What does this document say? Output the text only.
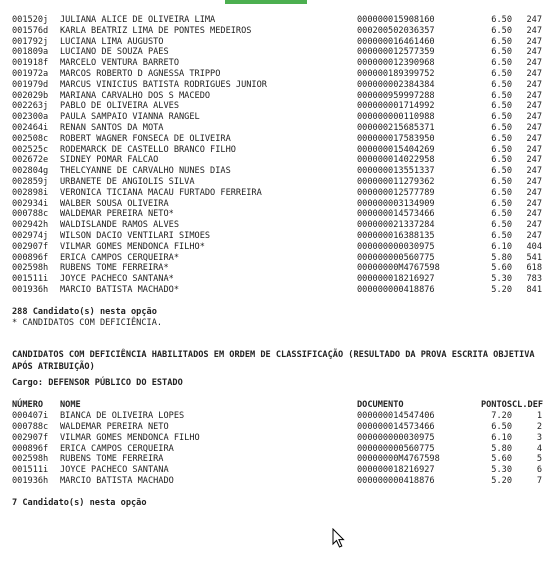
001520j JULIANA ALICE DE OLIVEIRA LIMA	000000015908160	6.50	247
001576d KARLA BEATRIZ LIMA DE PONTES MEDEIROS	000200502036357	6.50	247
001792j LUCIANA LIMA AUGUSTO	000000016461460	6.50	247
001809a LUCIANO DE SOUZA PAES	000000012577359	6.50	247
001918f MARCELO VENTURA BARRETO	000000012390968	6.50	247
001972a MARCOS ROBERTO D AGNESSA TRIPPO	000000189399752	6.50	247
001979d MARCUS VINICIUS BATISTA RODRIGUES JUNIOR	000000002384384	6.50	247
002029b MARIANA CARVALHO DOS S MACEDO	000000959997288	6.50	247
002263j PABLO DE OLIVEIRA ALVES	000000001714992	6.50	247
002300a PAULA SAMPAIO VIANNA RANGEL	000000000110988	6.50	247
002464i RENAN SANTOS DA MOTA	000000215685371	6.50	247
002508c ROBERT WAGNER FONSECA DE OLIVEIRA	000000017583950	6.50	247
002525c RODEMARCK DE CASTELLO BRANCO FILHO	000000015404269	6.50	247
002672e SIDNEY POMAR FALCAO	000000014022958	6.50	247
002804g THELCYANNE DE CARVALHO NUNES DIAS	000000013551337	6.50	247
002859j URBANETE DE ANGIOLIS SILVA	000000011279362	6.50	247
002898i VERONICA TICIANA MACAU FURTADO FERREIRA	000000012577789	6.50	247
002934i WALBER SOUSA OLIVEIRA	000000003134909	6.50	247
000788c WALDEMAR PEREIRA NETO*	000000014573466	6.50	247
002942h WALDISLANDE RAMOS ALVES	000000021337284	6.50	247
002974j WILSON DACIO VENTILARI SIMOES	000000016388135	6.50	247
002907f VILMAR GOMES MENDONCA FILHO*	000000000030975	6.10	404
000896f ERICA CAMPOS CERQUEIRA*	000000000560775	5.80	541
002598h RUBENS TOME FERREIRA*	00000000M4767598	5.60	618
001511i JOYCE PACHECO SANTANA*	000000018216927	5.30	783
001936h MARCIO BATISTA MACHADO*	000000000418876	5.20	841
288 Candidato(s) nesta opção
* CANDIDATOS COM DEFICIÊNCIA.
CANDIDATOS COM DEFICIÊNCIA HABILITADOS EM ORDEM DE CLASSIFICAÇÃO (RESULTADO DA PROVA ESCRITA OBJETIVA APÓS ATRIBUIÇÃO)
Cargo: DEFENSOR PÚBLICO DO ESTADO
NÚMERO NOME	DOCUMENTO	PONTOS CL.DEF
000407i BIANCA DE OLIVEIRA LOPES	000000014547406	7.20	1
000788c WALDEMAR PEREIRA NETO	000000014573466	6.50	2
002907f VILMAR GOMES MENDONCA FILHO	000000000030975	6.10	3
000896f ERICA CAMPOS CERQUEIRA	000000000560775	5.80	4
002598h RUBENS TOME FERREIRA	00000000M4767598	5.60	5
001511i JOYCE PACHECO SANTANA	000000018216927	5.30	6
001936h MARCIO BATISTA MACHADO	000000000418876	5.20	7
7 Candidato(s) nesta opção
